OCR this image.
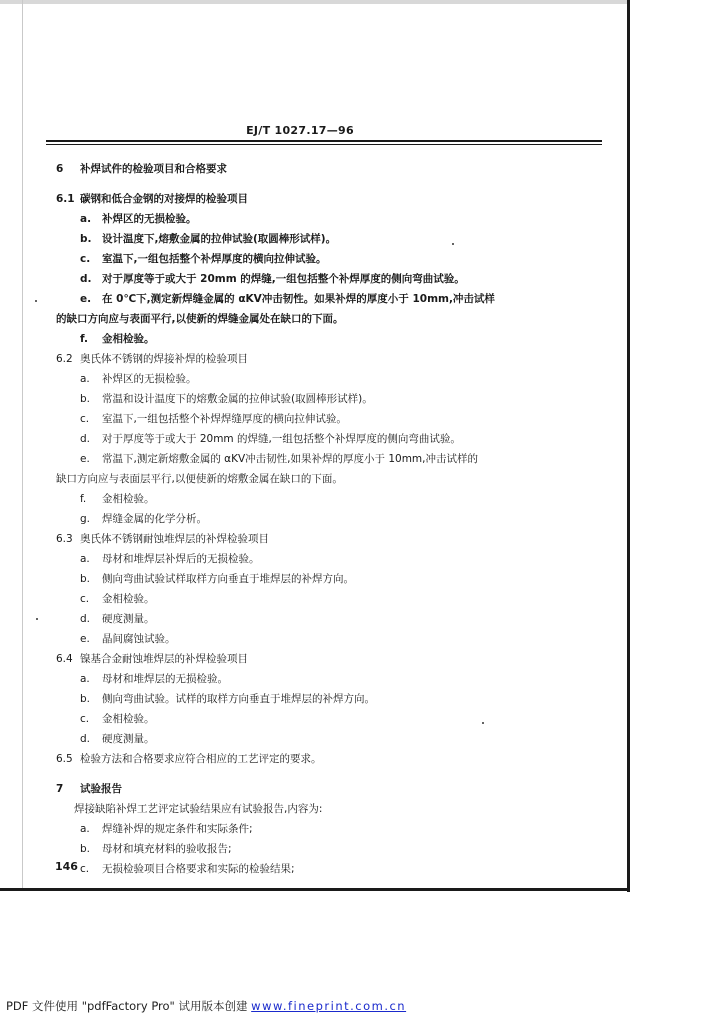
EJ/T 1027.17—96
6 补焊试件的检验项目和合格要求
6.1 碳钢和低合金钢的对接焊的检验项目
a. 补焊区的无损检验。
b. 设计温度下,熔敷金属的拉伸试验(取圆棒形试样)。
c. 室温下,一组包括整个补焊厚度的横向拉伸试验。
d. 对于厚度等于或大于 20mm 的焊缝,一组包括整个补焊厚度的侧向弯曲试验。
e. 在 0℃下,测定新焊缝金属的 αKV冲击韧性。如果补焊的厚度小于 10mm,冲击试样
的缺口方向应与表面平行,以使新的焊缝金属处在缺口的下面。
f. 金相检验。
6.2 奥氏体不锈钢的焊接补焊的检验项目
a. 补焊区的无损检验。
b. 常温和设计温度下的熔敷金属的拉伸试验(取圆棒形试样)。
c. 室温下,一组包括整个补焊焊缝厚度的横向拉伸试验。
d. 对于厚度等于或大于 20mm 的焊缝,一组包括整个补焊厚度的侧向弯曲试验。
e. 常温下,测定新熔敷金属的 αKV冲击韧性,如果补焊的厚度小于 10mm,冲击试样的
缺口方向应与表面层平行,以便使新的熔敷金属在缺口的下面。
f. 金相检验。
g. 焊缝金属的化学分析。
6.3 奥氏体不锈钢耐蚀堆焊层的补焊检验项目
a. 母材和堆焊层补焊后的无损检验。
b. 侧向弯曲试验试样取样方向垂直于堆焊层的补焊方向。
c. 金相检验。
d. 硬度测量。
e. 晶间腐蚀试验。
6.4 镍基合金耐蚀堆焊层的补焊检验项目
a. 母材和堆焊层的无损检验。
b. 侧向弯曲试验。试样的取样方向垂直于堆焊层的补焊方向。
c. 金相检验。
d. 硬度测量。
6.5 检验方法和合格要求应符合相应的工艺评定的要求。
7 试验报告
焊接缺陷补焊工艺评定试验结果应有试验报告,内容为:
a. 焊缝补焊的规定条件和实际条件;
b. 母材和填充材料的验收报告;
c. 无损检验项目合格要求和实际的检验结果;
146
PDF 文件使用 "pdfFactory Pro" 试用版本创建 www.fineprint.com.cn
